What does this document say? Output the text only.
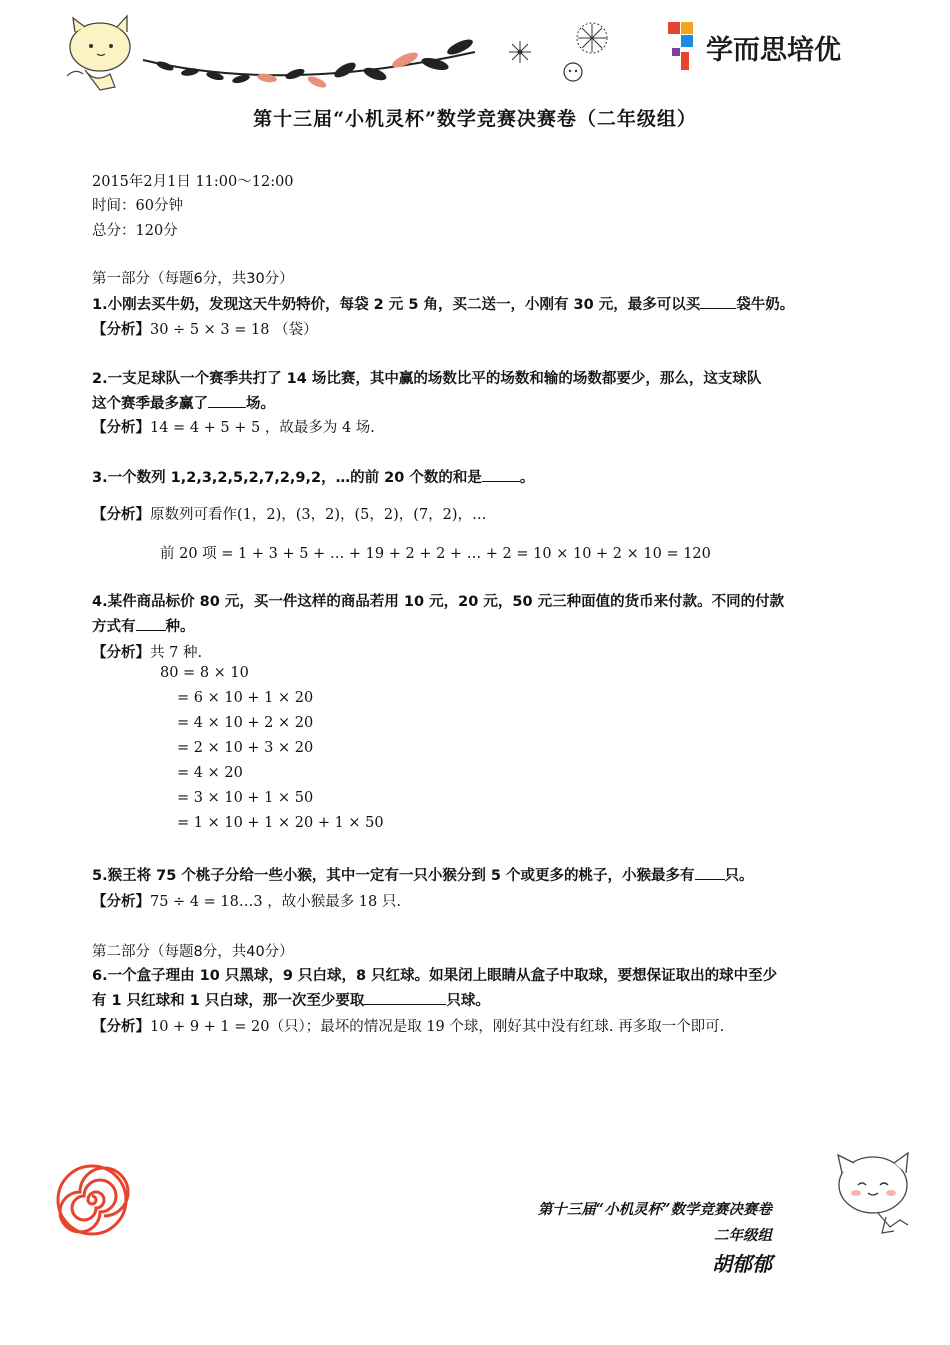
学而思培优
第十三届“小机灵杯”数学竞赛决赛卷（二年级组）
2015年2月1日 11:00～12:00
时间：60分钟
总分：120分
第一部分（每题6分，共30分）
1.小刚去买牛奶，发现这天牛奶特价，每袋 2 元 5 角，买二送一，小刚有 30 元，最多可以买 袋牛奶。
【分析】30 ÷ 5 × 3 = 18 （袋）
2.一支足球队一个赛季共打了 14 场比赛，其中赢的场数比平的场数和输的场数都要少，那么，这支球队
这个赛季最多赢了	场。
【分析】14 = 4 + 5 + 5 ，故最多为 4 场.
3.一个数列 1,2,3,2,5,2,7,2,9,2，…的前 20 个数的和是	。
【分析】原数列可看作(1，2)，(3，2)，(5，2)，(7，2)，…
前 20 项 = 1 + 3 + 5 + … + 19 + 2 + 2 + … + 2 = 10 × 10 + 2 × 10 = 120
4.某件商品标价 80 元，买一件这样的商品若用 10 元，20 元，50 元三种面值的货币来付款。不同的付款
方式有 种。
【分析】共 7 种.
80 = 8 × 10
= 6 × 10 + 1 × 20
= 4 × 10 + 2 × 20
= 2 × 10 + 3 × 20
= 4 × 20
= 3 × 10 + 1 × 50
= 1 × 10 + 1 × 20 + 1 × 50
5.猴王将 75 个桃子分给一些小猴，其中一定有一只小猴分到 5 个或更多的桃子，小猴最多有 只。
【分析】75 ÷ 4 = 18…3 ，故小猴最多 18 只.
第二部分（每题8分，共40分）
6.一个盒子理由 10 只黑球，9 只白球，8 只红球。如果闭上眼睛从盒子中取球，要想保证取出的球中至少
有 1 只红球和 1 只白球，那一次至少要取	只球。
【分析】10 + 9 + 1 = 20（只）；最坏的情况是取 19 个球，刚好其中没有红球. 再多取一个即可.
第十三届“小机灵杯”数学竞赛决赛卷
二年级组
胡郁郁
